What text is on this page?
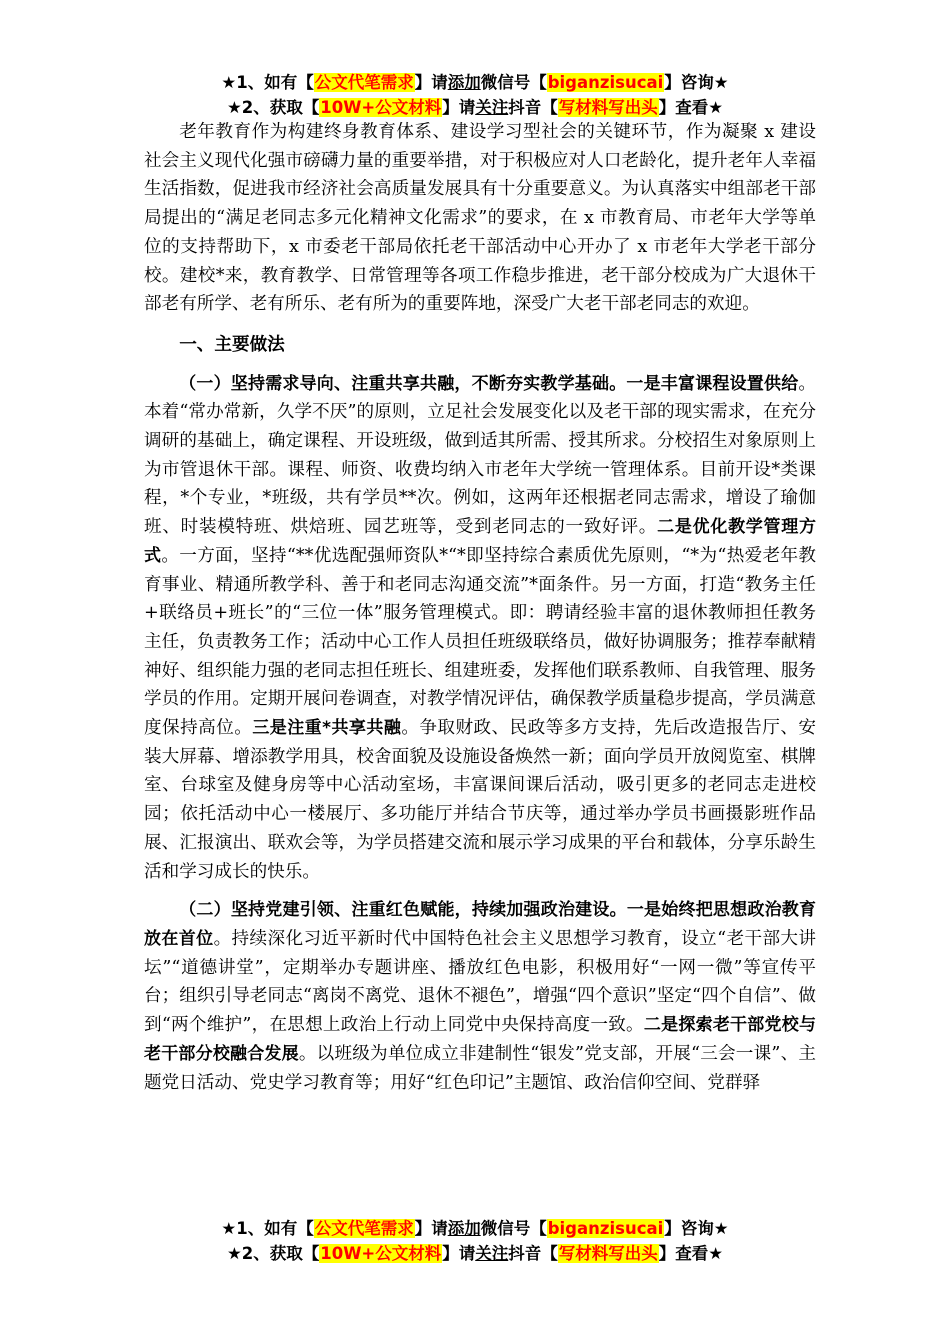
★1、如有【公文代笔需求】请添加微信号【biganzisucai】咨询★
★2、获取【10W+公文材料】请关注抖音【写材料写出头】查看★

老年教育作为构建终身教育体系、建设学习型社会的关键环节，作为凝聚 x 建设社会主义现代化强市磅礴力量的重要举措，对于积极应对人口老龄化，提升老年人幸福生活指数，促进我市经济社会高质量发展具有十分重要意义。为认真落实中组部老干部局提出的“满足老同志多元化精神文化需求”的要求，在 x 市教育局、市老年大学等单位的支持帮助下，x 市委老干部局依托老干部活动中心开办了 x 市老年大学老干部分校。建校*来，教育教学、日常管理等各项工作稳步推进，老干部分校成为广大退休干部老有所学、老有所乐、老有所为的重要阵地，深受广大老干部老同志的欢迎。

一、主要做法

（一）坚持需求导向、注重共享共融，不断夯实教学基础。一是丰富课程设置供给。本着“常办常新，久学不厌”的原则，立足社会发展变化以及老干部的现实需求，在充分调研的基础上，确定课程、开设班级，做到适其所需、授其所求。分校招生对象原则上为市管退休干部。课程、师资、收费均纳入市老年大学统一管理体系。目前开设*类课程，*个专业，*班级，共有学员**次。例如，这两年还根据老同志需求，增设了瑜伽班、时装模特班、烘焙班、园艺班等，受到老同志的一致好评。二是优化教学管理方式。一方面，坚持“**优选配强师资队*“*即坚持综合素质优先原则，“*为“热爱老年教育事业、精通所教学科、善于和老同志沟通交流”*面条件。另一方面，打造“教务主任+联络员+班长”的“三位一体”服务管理模式。即：聘请经验丰富的退休教师担任教务主任，负责教务工作；活动中心工作人员担任班级联络员，做好协调服务；推荐奉献精神好、组织能力强的老同志担任班长、组建班委，发挥他们联系教师、自我管理、服务学员的作用。定期开展问卷调查，对教学情况评估，确保教学质量稳步提高，学员满意度保持高位。三是注重*共享共融。争取财政、民政等多方支持，先后改造报告厅、安装大屏幕、增添教学用具，校舍面貌及设施设备焕然一新；面向学员开放阅览室、棋牌室、台球室及健身房等中心活动室场，丰富课间课后活动，吸引更多的老同志走进校园；依托活动中心一楼展厅、多功能厅并结合节庆等，通过举办学员书画摄影班作品展、汇报演出、联欢会等，为学员搭建交流和展示学习成果的平台和载体，分享乐龄生活和学习成长的快乐。

（二）坚持党建引领、注重红色赋能，持续加强政治建设。一是始终把思想政治教育放在首位。持续深化习近平新时代中国特色社会主义思想学习教育，设立“老干部大讲坛”“道德讲堂”，定期举办专题讲座、播放红色电影，积极用好“一网一微”等宣传平台；组织引导老同志“离岗不离党、退休不褪色”，增强“四个意识”坚定“四个自信”、做到“两个维护”，在思想上政治上行动上同党中央保持高度一致。二是探索老干部党校与老干部分校融合发展。以班级为单位成立非建制性“银发”党支部，开展“三会一课”、主题党日活动、党史学习教育等；用好“红色印记”主题馆、政治信仰空间、党群驿

★1、如有【公文代笔需求】请添加微信号【biganzisucai】咨询★
★2、获取【10W+公文材料】请关注抖音【写材料写出头】查看★
